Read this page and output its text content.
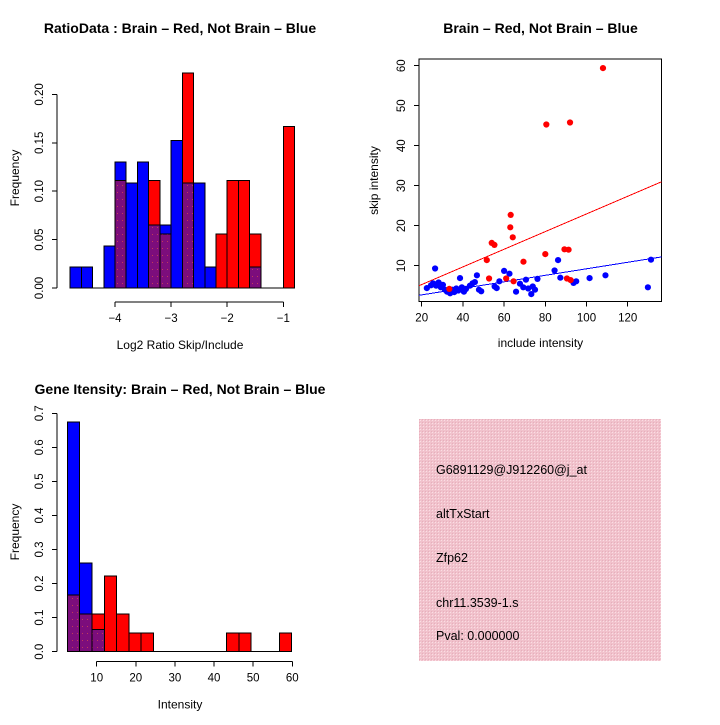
0.00
0.05
0.10
0.15
0.20
Frequency
−4	−3	−2	−1
Log2 Ratio Skip/Include
RatioData : Brain – Red, Not Brain – Blue
10
20
30
40
50
60
skip intensity
20 40 60 80 100 120
include intensity
Brain – Red, Not Brain – Blue
0.0
0.1
0.2
0.3
0.4
0.5
0.6
0.7
Frequency
10 20 30 40 50 60
Intensity
Gene Itensity: Brain – Red, Not Brain – Blue
G6891129@J912260@j_at
altTxStart
Zfp62
chr11.3539-1.s
Pval: 0.000000
